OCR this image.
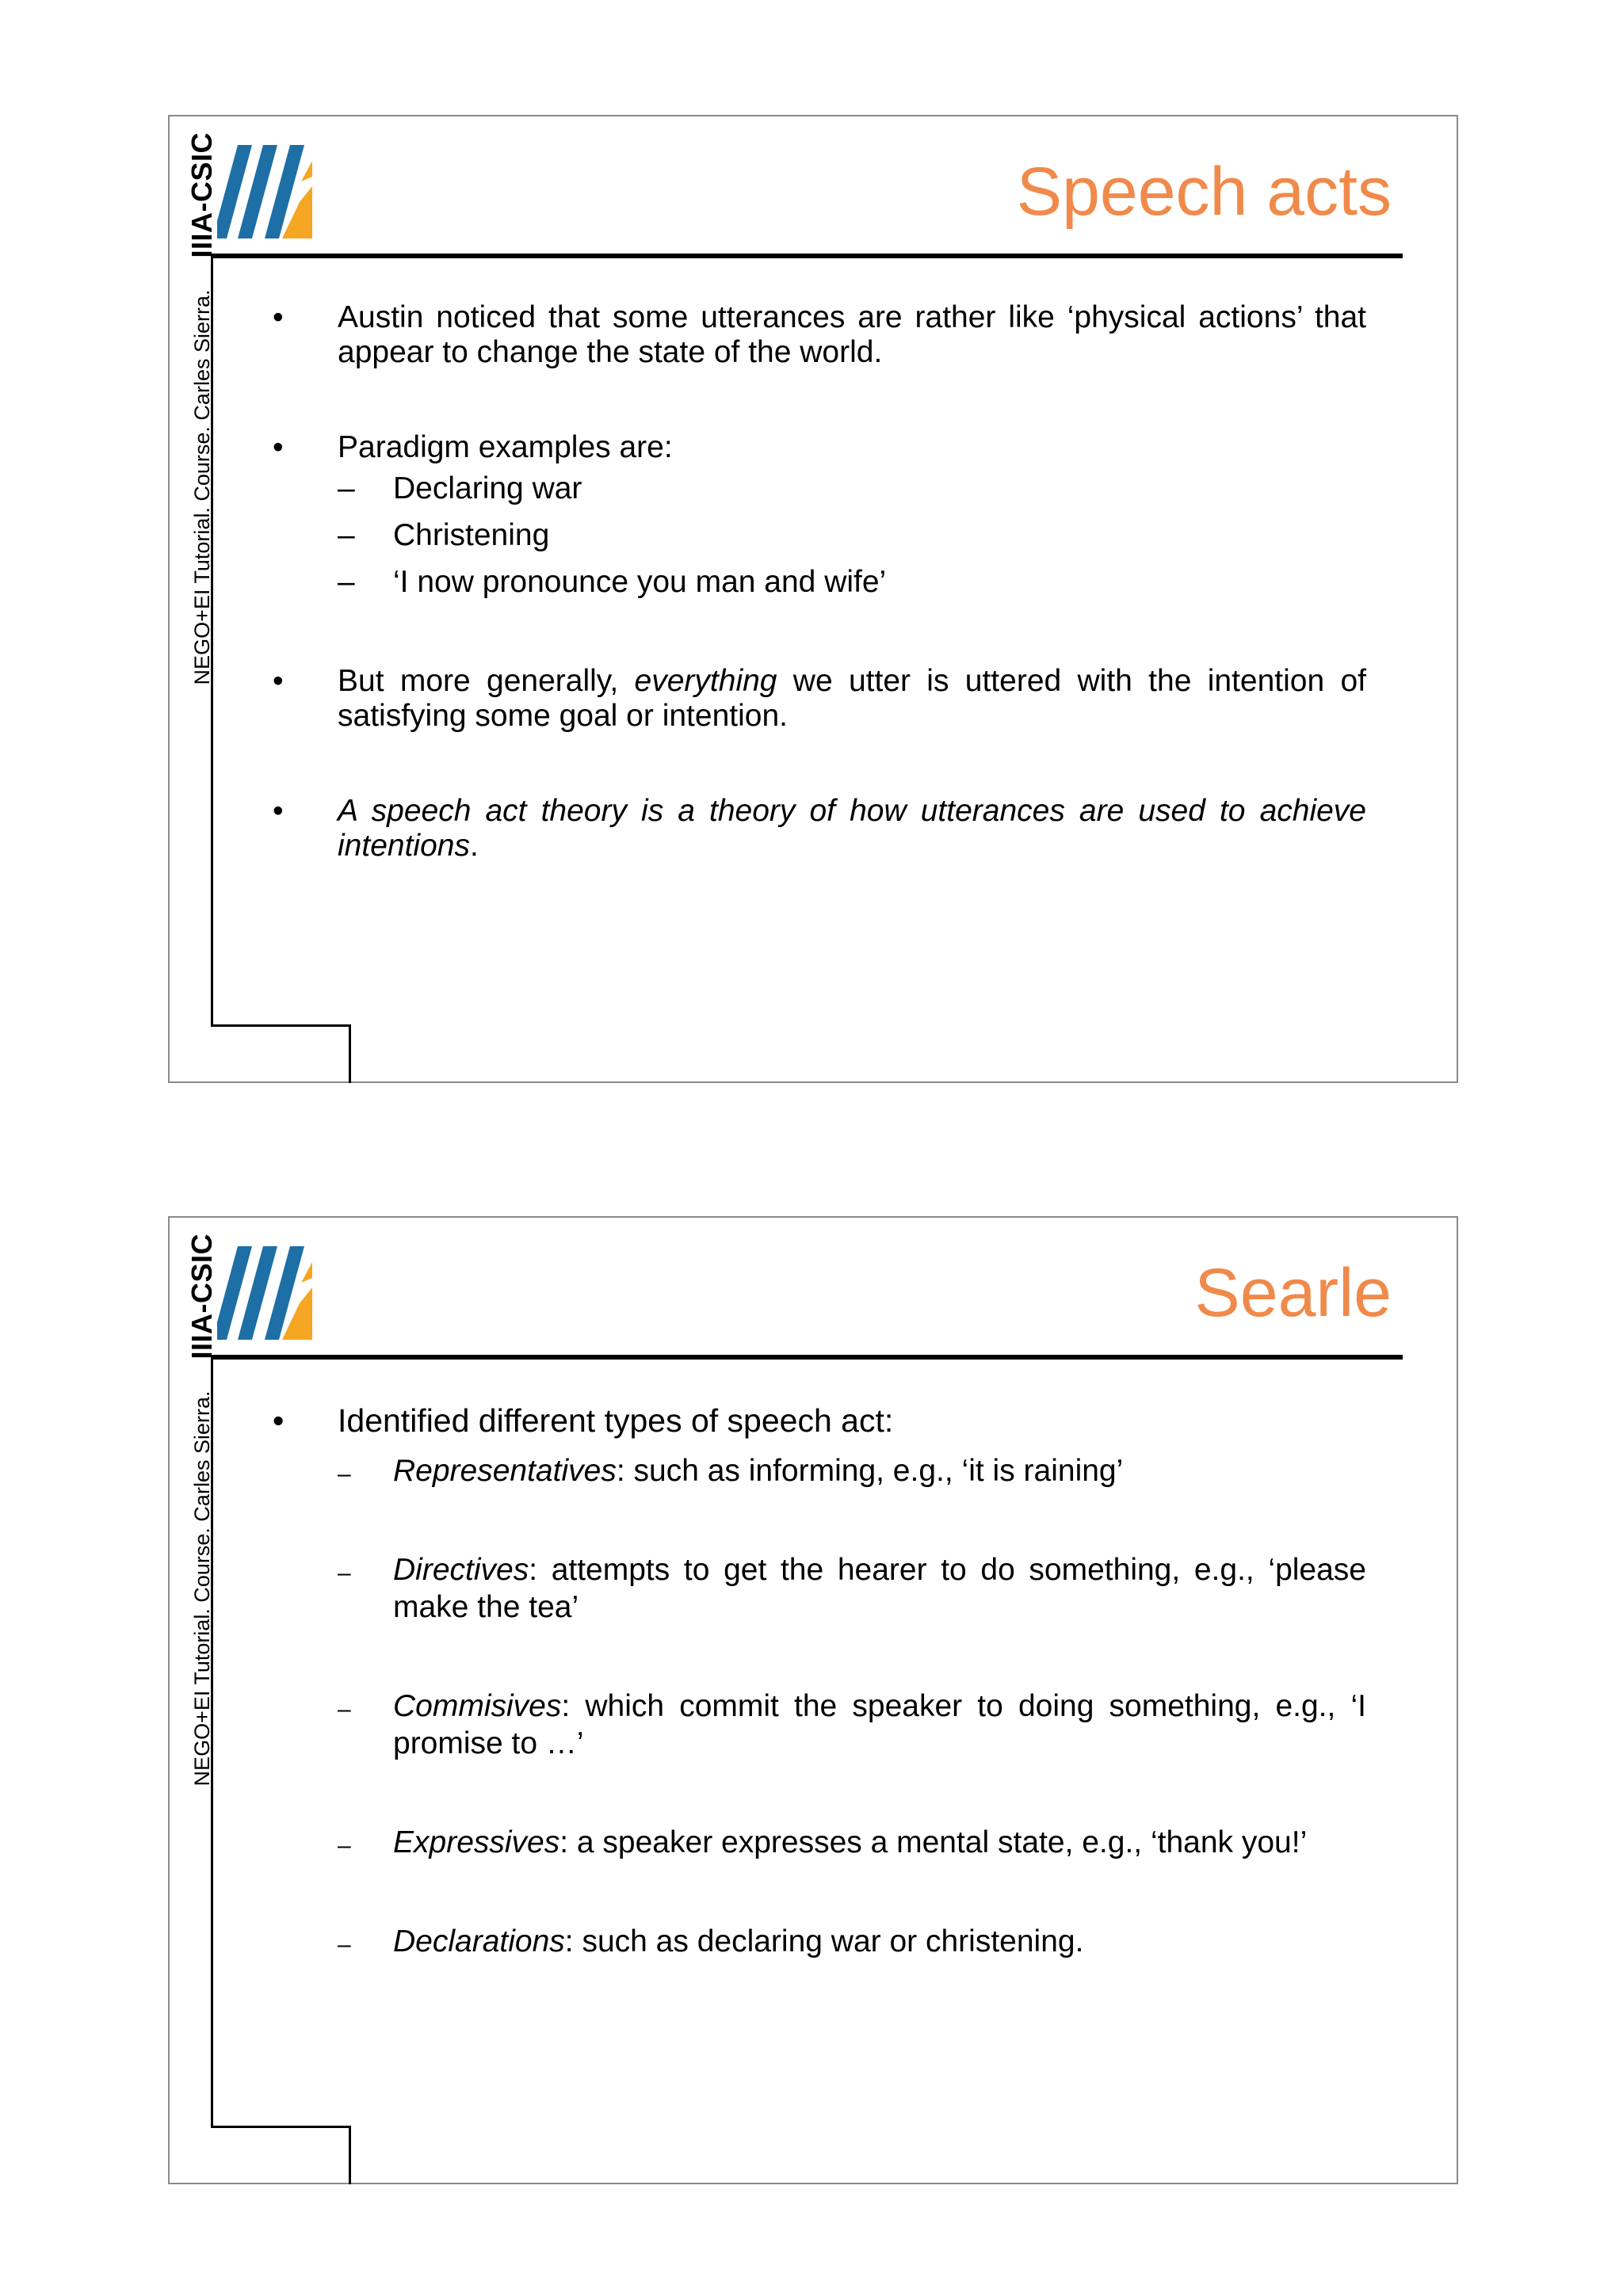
IIIA-CSIC
NEGO+EI Tutorial. Course. Carles Sierra.
Speech acts
•	Austin noticed that some utterances are rather like ‘physical actions’ that appear to change the state of the world.
•	Paradigm examples are:
– Declaring war
– Christening
– ‘I now pronounce you man and wife’
•	But more generally, everything we utter is uttered with the intention of satisfying some goal or intention.
•	A speech act theory is a theory of how utterances are used to achieve intentions.
IIIA-CSIC
NEGO+EI Tutorial. Course. Carles Sierra.
Searle
•	Identified different types of speech act:
– Representatives: such as informing, e.g., ‘it is raining’
– Directives: attempts to get the hearer to do something, e.g., ‘please make the tea’
– Commisives: which commit the speaker to doing something, e.g., ‘I promise to …’
– Expressives: a speaker expresses a mental state, e.g., ‘thank you!’
– Declarations: such as declaring war or christening.
